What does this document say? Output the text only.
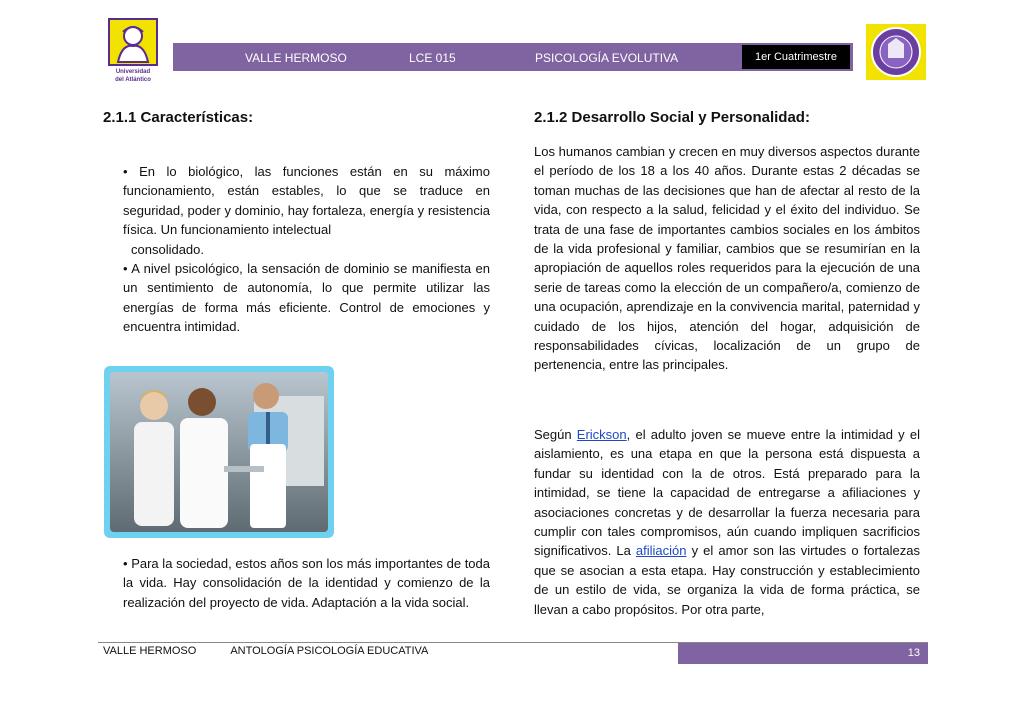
Universidad
del Atlántico
VALLE HERMOSO	LCE 015	PSICOLOGÍA EVOLUTIVA	1er Cuatrimestre
2.1.1 Características:
• En lo biológico, las funciones están en su máximo funcionamiento, están estables, lo que se traduce en seguridad, poder y dominio, hay fortaleza, energía y resistencia física. Un funcionamiento intelectual
consolidado.
• A nivel psicológico, la sensación de dominio se manifiesta en un sentimiento de autonomía, lo que permite utilizar las energías de forma más eficiente. Control de emociones y encuentra intimidad.
• Para la sociedad, estos años son los más importantes de toda la vida. Hay consolidación de la identidad y comienzo de la realización del proyecto de vida. Adaptación a la vida social.
2.1.2 Desarrollo Social y Personalidad:
Los humanos cambian y crecen en muy diversos aspectos durante el período de los 18 a los 40 años. Durante estas 2 décadas se toman muchas de las decisiones que han de afectar al resto de la vida, con respecto a la salud, felicidad y el éxito del individuo. Se trata de una fase de importantes cambios sociales en los ámbitos de la vida profesional y familiar, cambios que se resumirían en la apropiación de aquellos roles requeridos para la ejecución de una serie de tareas como la elección de un compañero/a, comienzo de una ocupación, aprendizaje en la convivencia marital, paternidad y cuidado de los hijos, atención del hogar, adquisición de responsabilidades cívicas, localización de un grupo de pertenencia, entre las principales.
Según Erickson, el adulto joven se mueve entre la intimidad y el aislamiento, es una etapa en que la persona está dispuesta a fundar su identidad con la de otros. Está preparado para la intimidad, se tiene la capacidad de entregarse a afiliaciones y asociaciones concretas y de desarrollar la fuerza necesaria para cumplir con tales compromisos, aún cuando impliquen sacrificios significativos. La afiliación y el amor son las virtudes o fortalezas que se asocian a esta etapa. Hay construcción y establecimiento de un estilo de vida, se organiza la vida de forma práctica, se llevan a cabo propósitos. Por otra parte,
VALLE HERMOSO	ANTOLOGÍA PSICOLOGÍA EDUCATIVA	13
